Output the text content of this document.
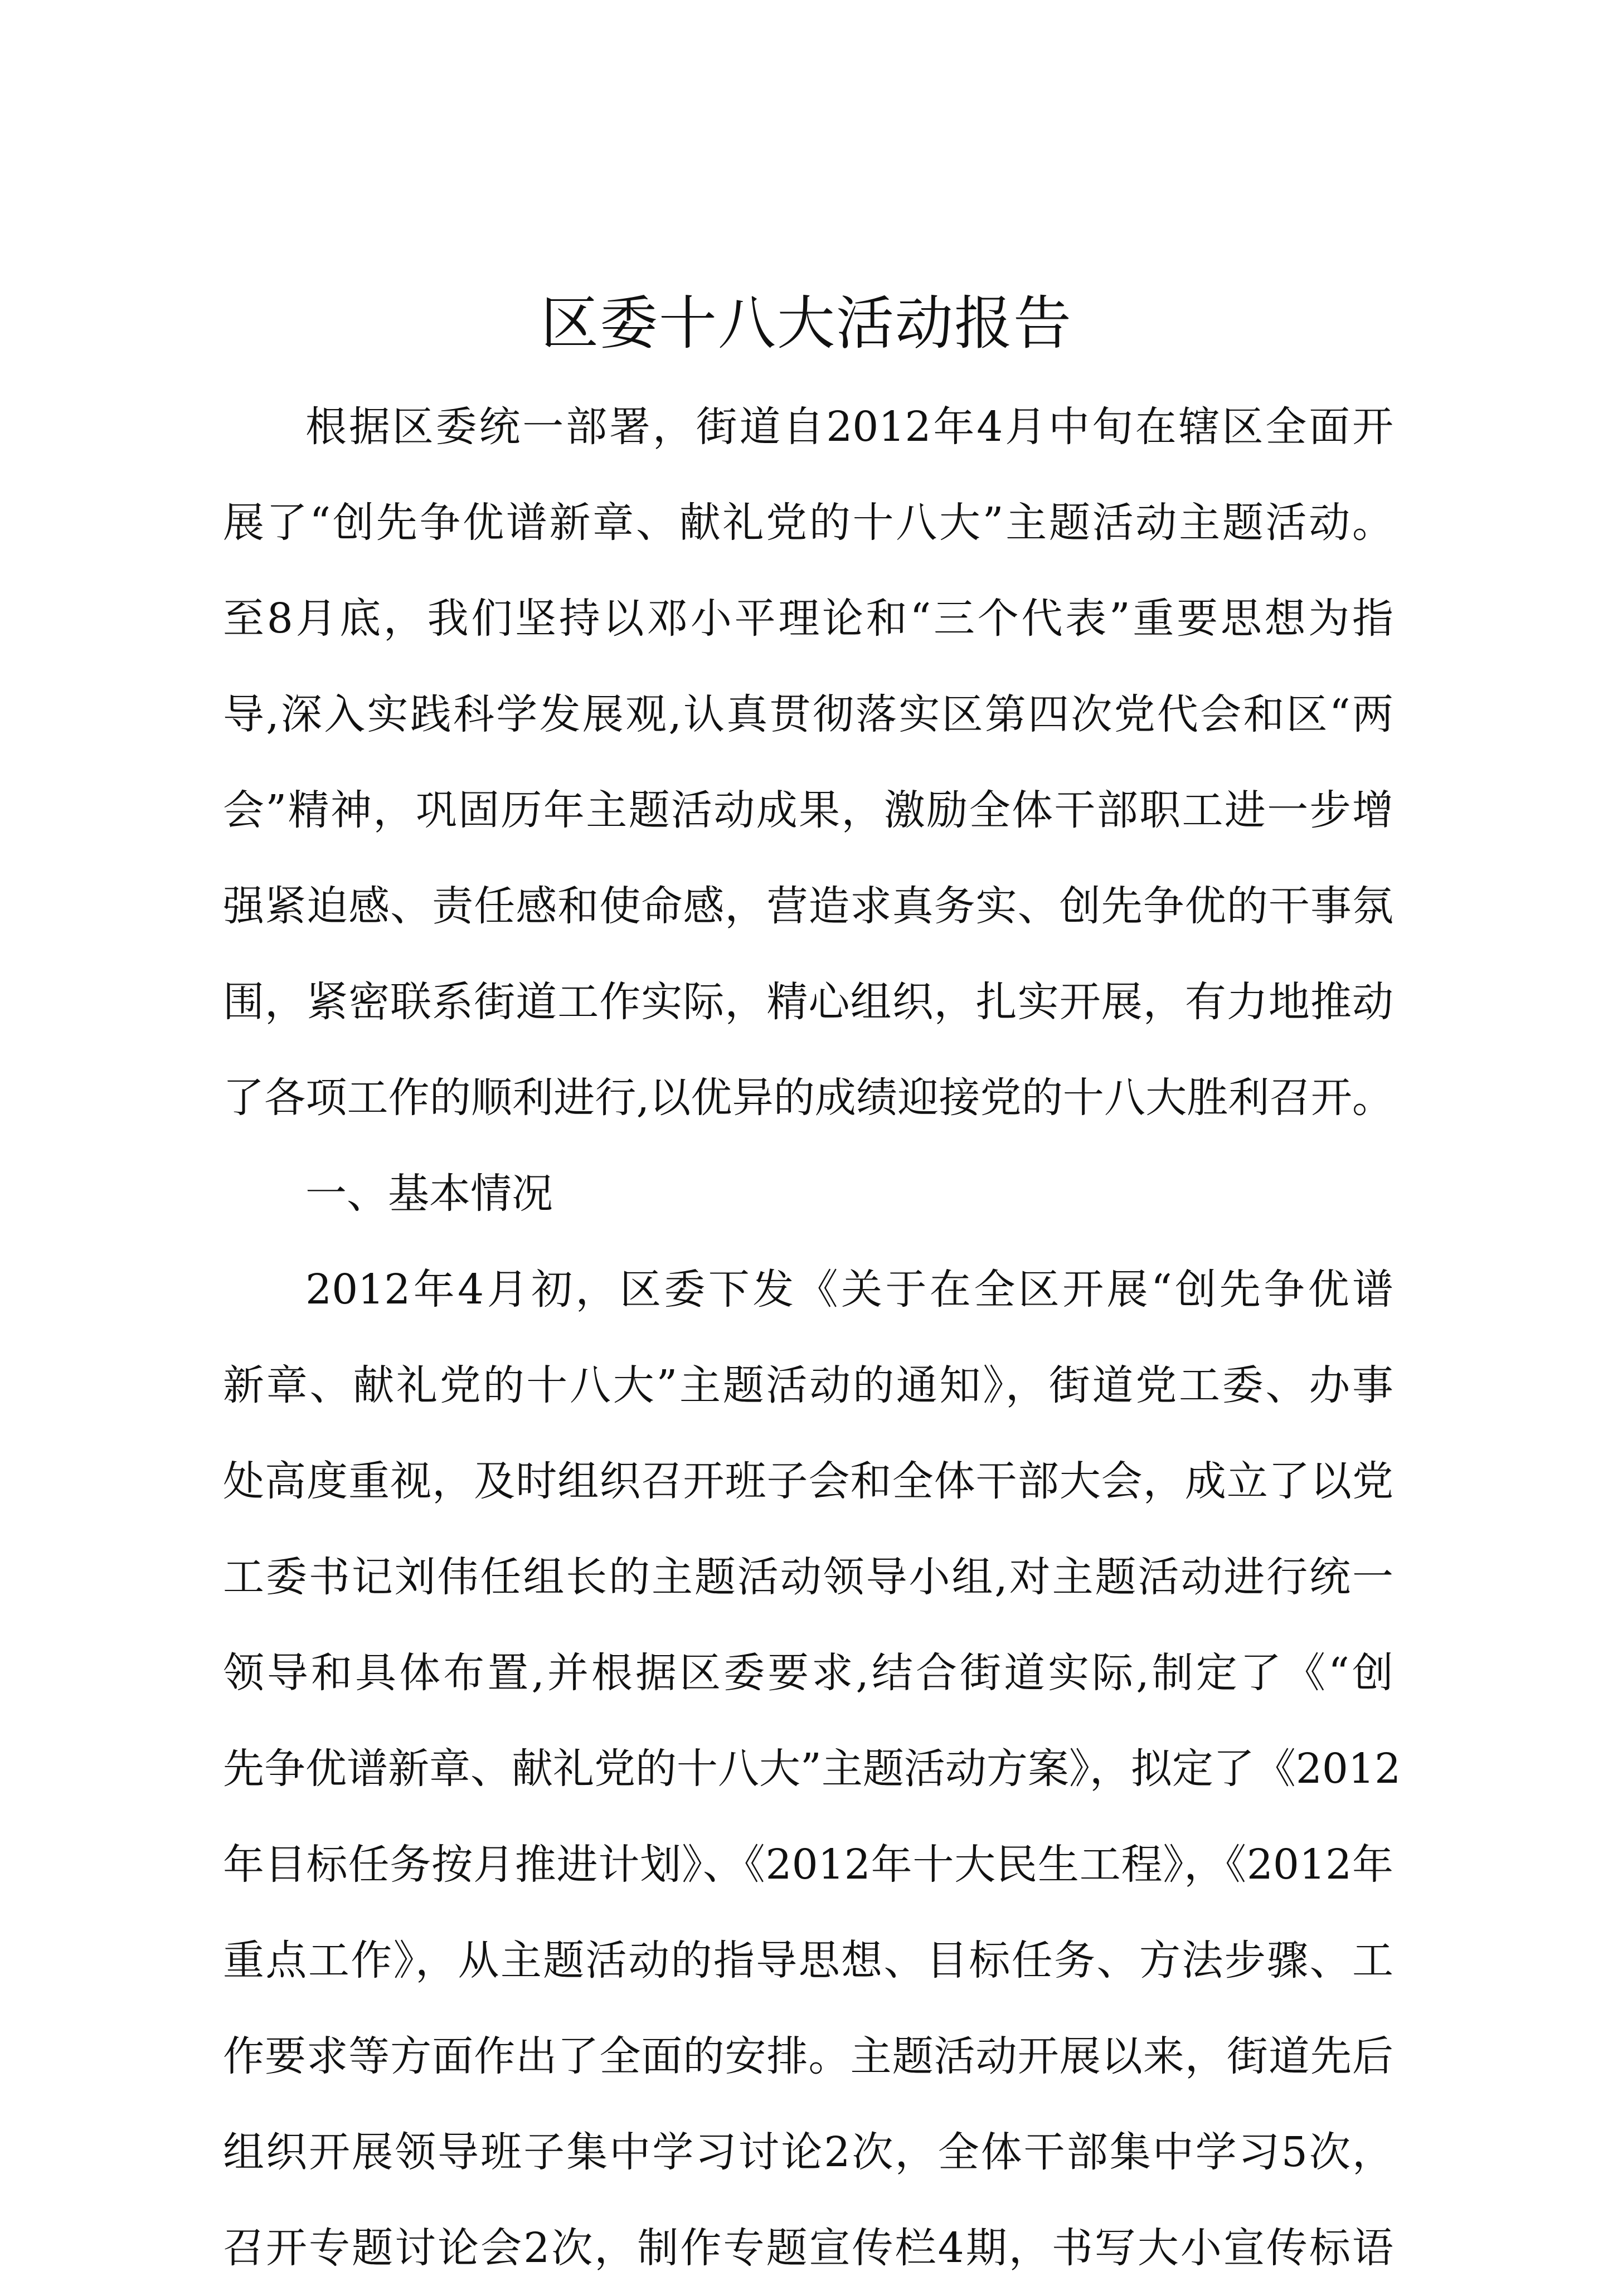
区委十八大活动报告

根据区委统一部署，街道自2012年4月中旬在辖区全面开

展了“创先争优谱新章、献礼党的十八大”主题活动主题活动。

至8月底，我们坚持以邓小平理论和“三个代表”重要思想为指

导,深入实践科学发展观,认真贯彻落实区第四次党代会和区“两

会”精神，巩固历年主题活动成果，激励全体干部职工进一步增

强紧迫感、责任感和使命感，营造求真务实、创先争优的干事氛

围，紧密联系街道工作实际，精心组织，扎实开展，有力地推动

了各项工作的顺利进行,以优异的成绩迎接党的十八大胜利召开。

一、基本情况

2012年4月初，区委下发《关于在全区开展“创先争优谱

新章、献礼党的十八大”主题活动的通知》，街道党工委、办事

处高度重视，及时组织召开班子会和全体干部大会，成立了以党

工委书记刘伟任组长的主题活动领导小组,对主题活动进行统一

领导和具体布置,并根据区委要求,结合街道实际,制定了《“创

先争优谱新章、献礼党的十八大”主题活动方案》，拟定了《2012

年目标任务按月推进计划》、《2012年十大民生工程》，《2012年

重点工作》，从主题活动的指导思想、目标任务、方法步骤、工

作要求等方面作出了全面的安排。主题活动开展以来，街道先后

组织开展领导班子集中学习讨论2次，全体干部集中学习5次，

召开专题讨论会2次，制作专题宣传栏4期，书写大小宣传标语
